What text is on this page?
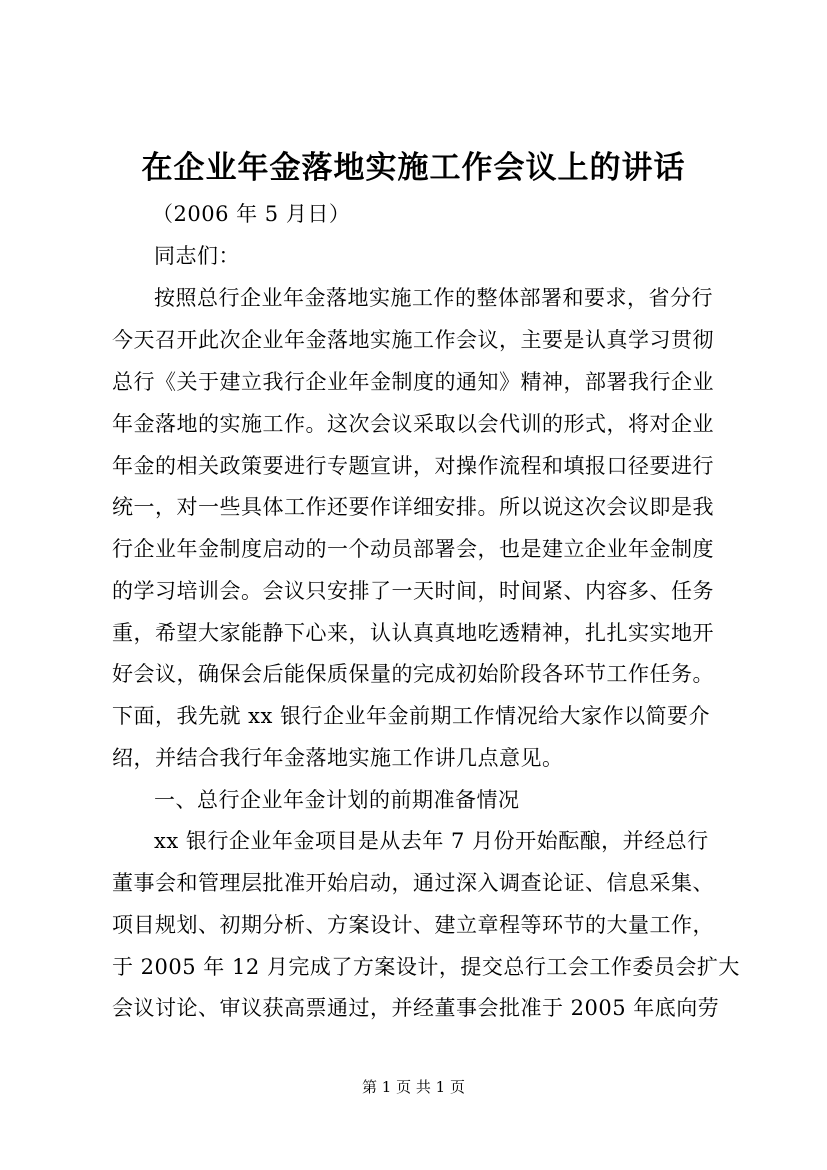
在企业年金落地实施工作会议上的讲话
（2006 年 5 月日）
同志们：
按照总行企业年金落地实施工作的整体部署和要求，省分行
今天召开此次企业年金落地实施工作会议，主要是认真学习贯彻
总行《关于建立我行企业年金制度的通知》精神，部署我行企业
年金落地的实施工作。这次会议采取以会代训的形式，将对企业
年金的相关政策要进行专题宣讲，对操作流程和填报口径要进行
统一，对一些具体工作还要作详细安排。所以说这次会议即是我
行企业年金制度启动的一个动员部署会，也是建立企业年金制度
的学习培训会。会议只安排了一天时间，时间紧、内容多、任务
重，希望大家能静下心来，认认真真地吃透精神，扎扎实实地开
好会议，确保会后能保质保量的完成初始阶段各环节工作任务。
下面，我先就 xx 银行企业年金前期工作情况给大家作以简要介
绍，并结合我行年金落地实施工作讲几点意见。
一、总行企业年金计划的前期准备情况
xx 银行企业年金项目是从去年 7 月份开始酝酿，并经总行
董事会和管理层批准开始启动，通过深入调查论证、信息采集、
项目规划、初期分析、方案设计、建立章程等环节的大量工作，
于 2005 年 12 月完成了方案设计，提交总行工会工作委员会扩大
会议讨论、审议获高票通过，并经董事会批准于 2005 年底向劳
第 1 页 共 1 页
